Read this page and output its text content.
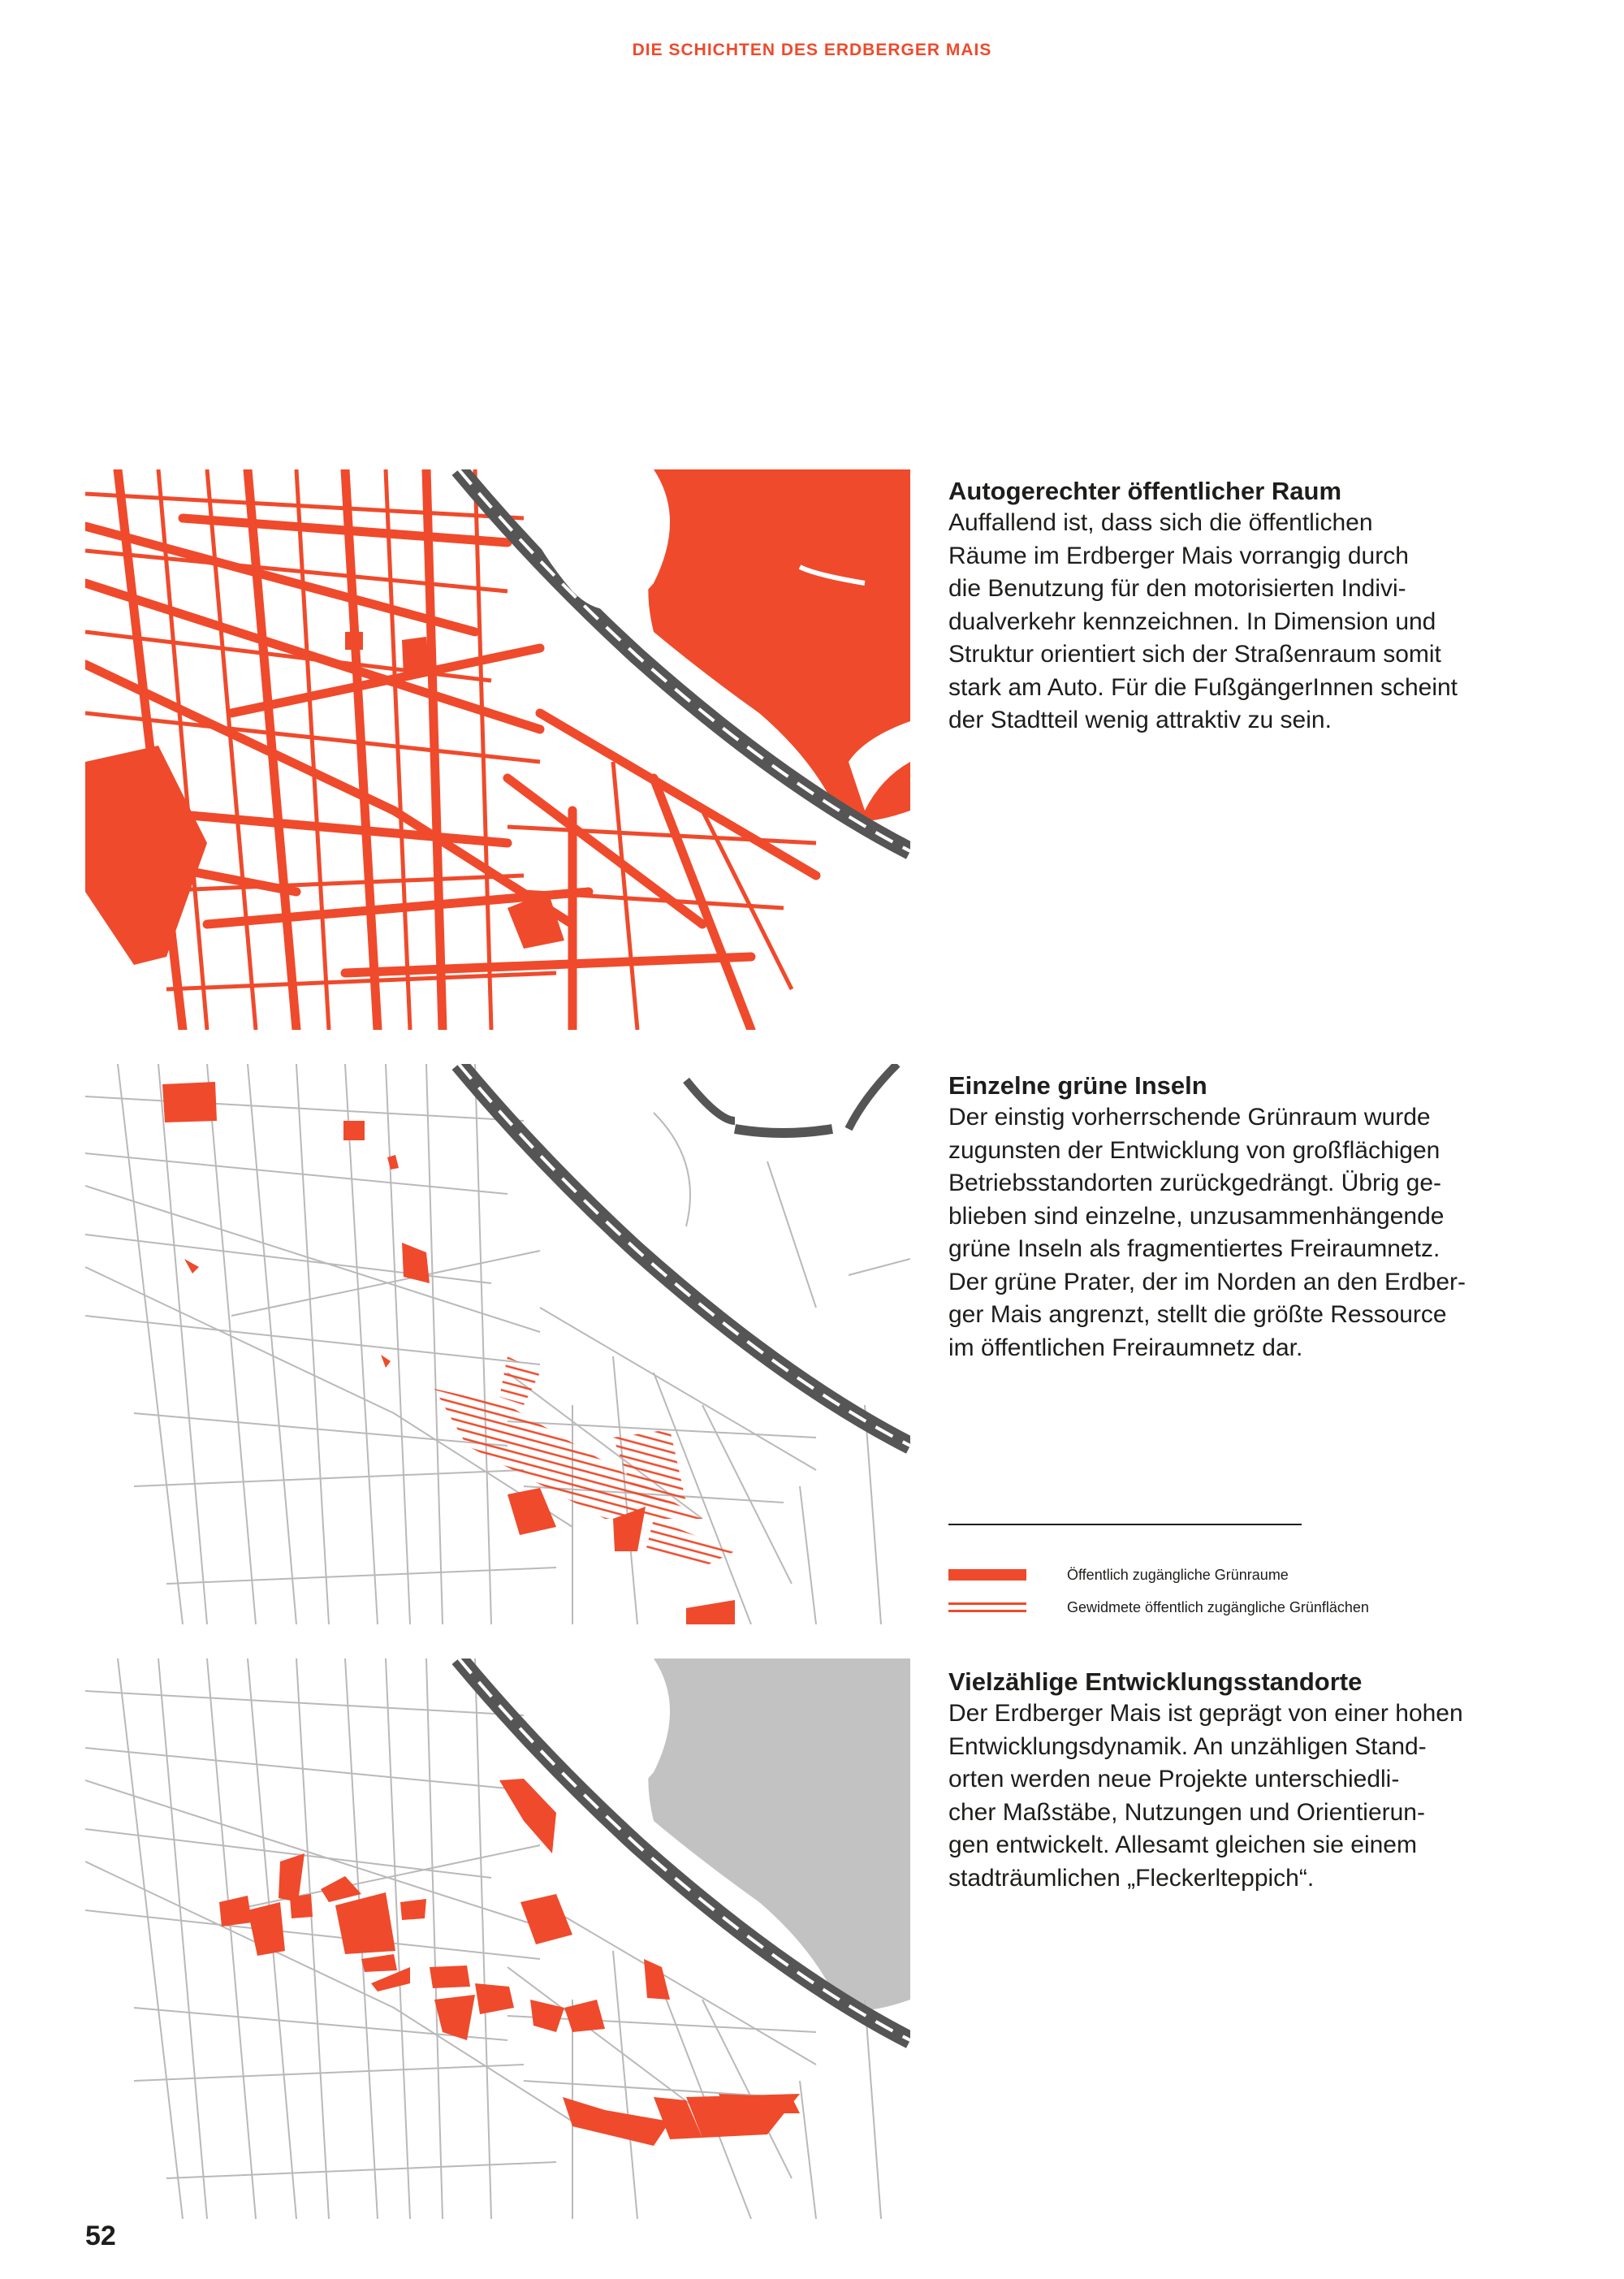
DIE SCHICHTEN DES ERDBERGER MAIS

Autogerechter öffentlicher Raum

Auffallend ist, dass sich die öffentlichen
Räume im Erdberger Mais vorrangig durch
die Benutzung für den motorisierten Indivi-
dualverkehr kennzeichnen. In Dimension und
Struktur orientiert sich der Straßenraum somit
stark am Auto. Für die FußgängerInnen scheint
der Stadtteil wenig attraktiv zu sein.

Einzelne grüne Inseln

Der einstig vorherrschende Grünraum wurde
zugunsten der Entwicklung von großflächigen
Betriebsstandorten zurückgedrängt. Übrig ge-
blieben sind einzelne, unzusammenhängende
grüne Inseln als fragmentiertes Freiraumnetz.
Der grüne Prater, der im Norden an den Erdber-
ger Mais angrenzt, stellt die größte Ressource
im öffentlichen Freiraumnetz dar.

Öffentlich zugängliche Grünraume
Gewidmete öffentlich zugängliche Grünflächen

Vielzählige Entwicklungsstandorte

Der Erdberger Mais ist geprägt von einer hohen
Entwicklungsdynamik. An unzähligen Stand-
orten werden neue Projekte unterschiedli-
cher Maßstäbe, Nutzungen und Orientierun-
gen entwickelt. Allesamt gleichen sie einem
stadträumlichen „Fleckerlteppich“.

52
